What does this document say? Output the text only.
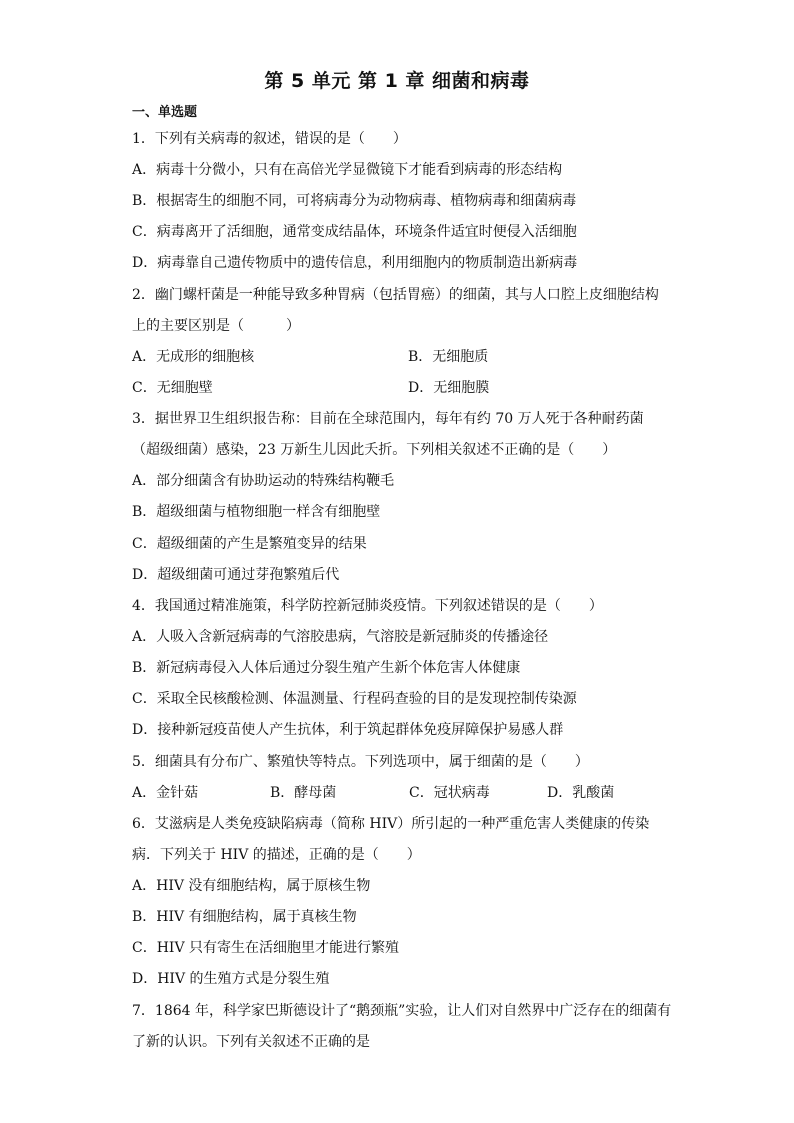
第 5 单元 第 1 章 细菌和病毒
一、单选题
1．下列有关病毒的叙述，错误的是（　　）
A．病毒十分微小，只有在高倍光学显微镜下才能看到病毒的形态结构
B．根据寄生的细胞不同，可将病毒分为动物病毒、植物病毒和细菌病毒
C．病毒离开了活细胞，通常变成结晶体，环境条件适宜时便侵入活细胞
D．病毒靠自己遗传物质中的遗传信息，利用细胞内的物质制造出新病毒
2．幽门螺杆菌是一种能导致多种胃病（包括胃癌）的细菌，其与人口腔上皮细胞结构
上的主要区别是（　　　）
A．无成形的细胞核	B．无细胞质
C．无细胞壁	D．无细胞膜
3．据世界卫生组织报告称：目前在全球范围内，每年有约 70 万人死于各种耐药菌
（超级细菌）感染，23 万新生儿因此夭折。下列相关叙述不正确的是（　　）
A．部分细菌含有协助运动的特殊结构鞭毛
B．超级细菌与植物细胞一样含有细胞壁
C．超级细菌的产生是繁殖变异的结果
D．超级细菌可通过芽孢繁殖后代
4．我国通过精准施策，科学防控新冠肺炎疫情。下列叙述错误的是（　　）
A．人吸入含新冠病毒的气溶胶患病，气溶胶是新冠肺炎的传播途径
B．新冠病毒侵入人体后通过分裂生殖产生新个体危害人体健康
C．采取全民核酸检测、体温测量、行程码查验的目的是发现控制传染源
D．接种新冠疫苗使人产生抗体，利于筑起群体免疫屏障保护易感人群
5．细菌具有分布广、繁殖快等特点。下列选项中，属于细菌的是（　　）
A．金针菇	B．酵母菌	C．冠状病毒	D．乳酸菌
6．艾滋病是人类免疫缺陷病毒（简称 HIV）所引起的一种严重危害人类健康的传染
病．下列关于 HIV 的描述，正确的是（　　）
A．HIV 没有细胞结构，属于原核生物
B．HIV 有细胞结构，属于真核生物
C．HIV 只有寄生在活细胞里才能进行繁殖
D．HIV 的生殖方式是分裂生殖
7．1864 年，科学家巴斯德设计了“鹅颈瓶”实验，让人们对自然界中广泛存在的细菌有
了新的认识。下列有关叙述不正确的是
